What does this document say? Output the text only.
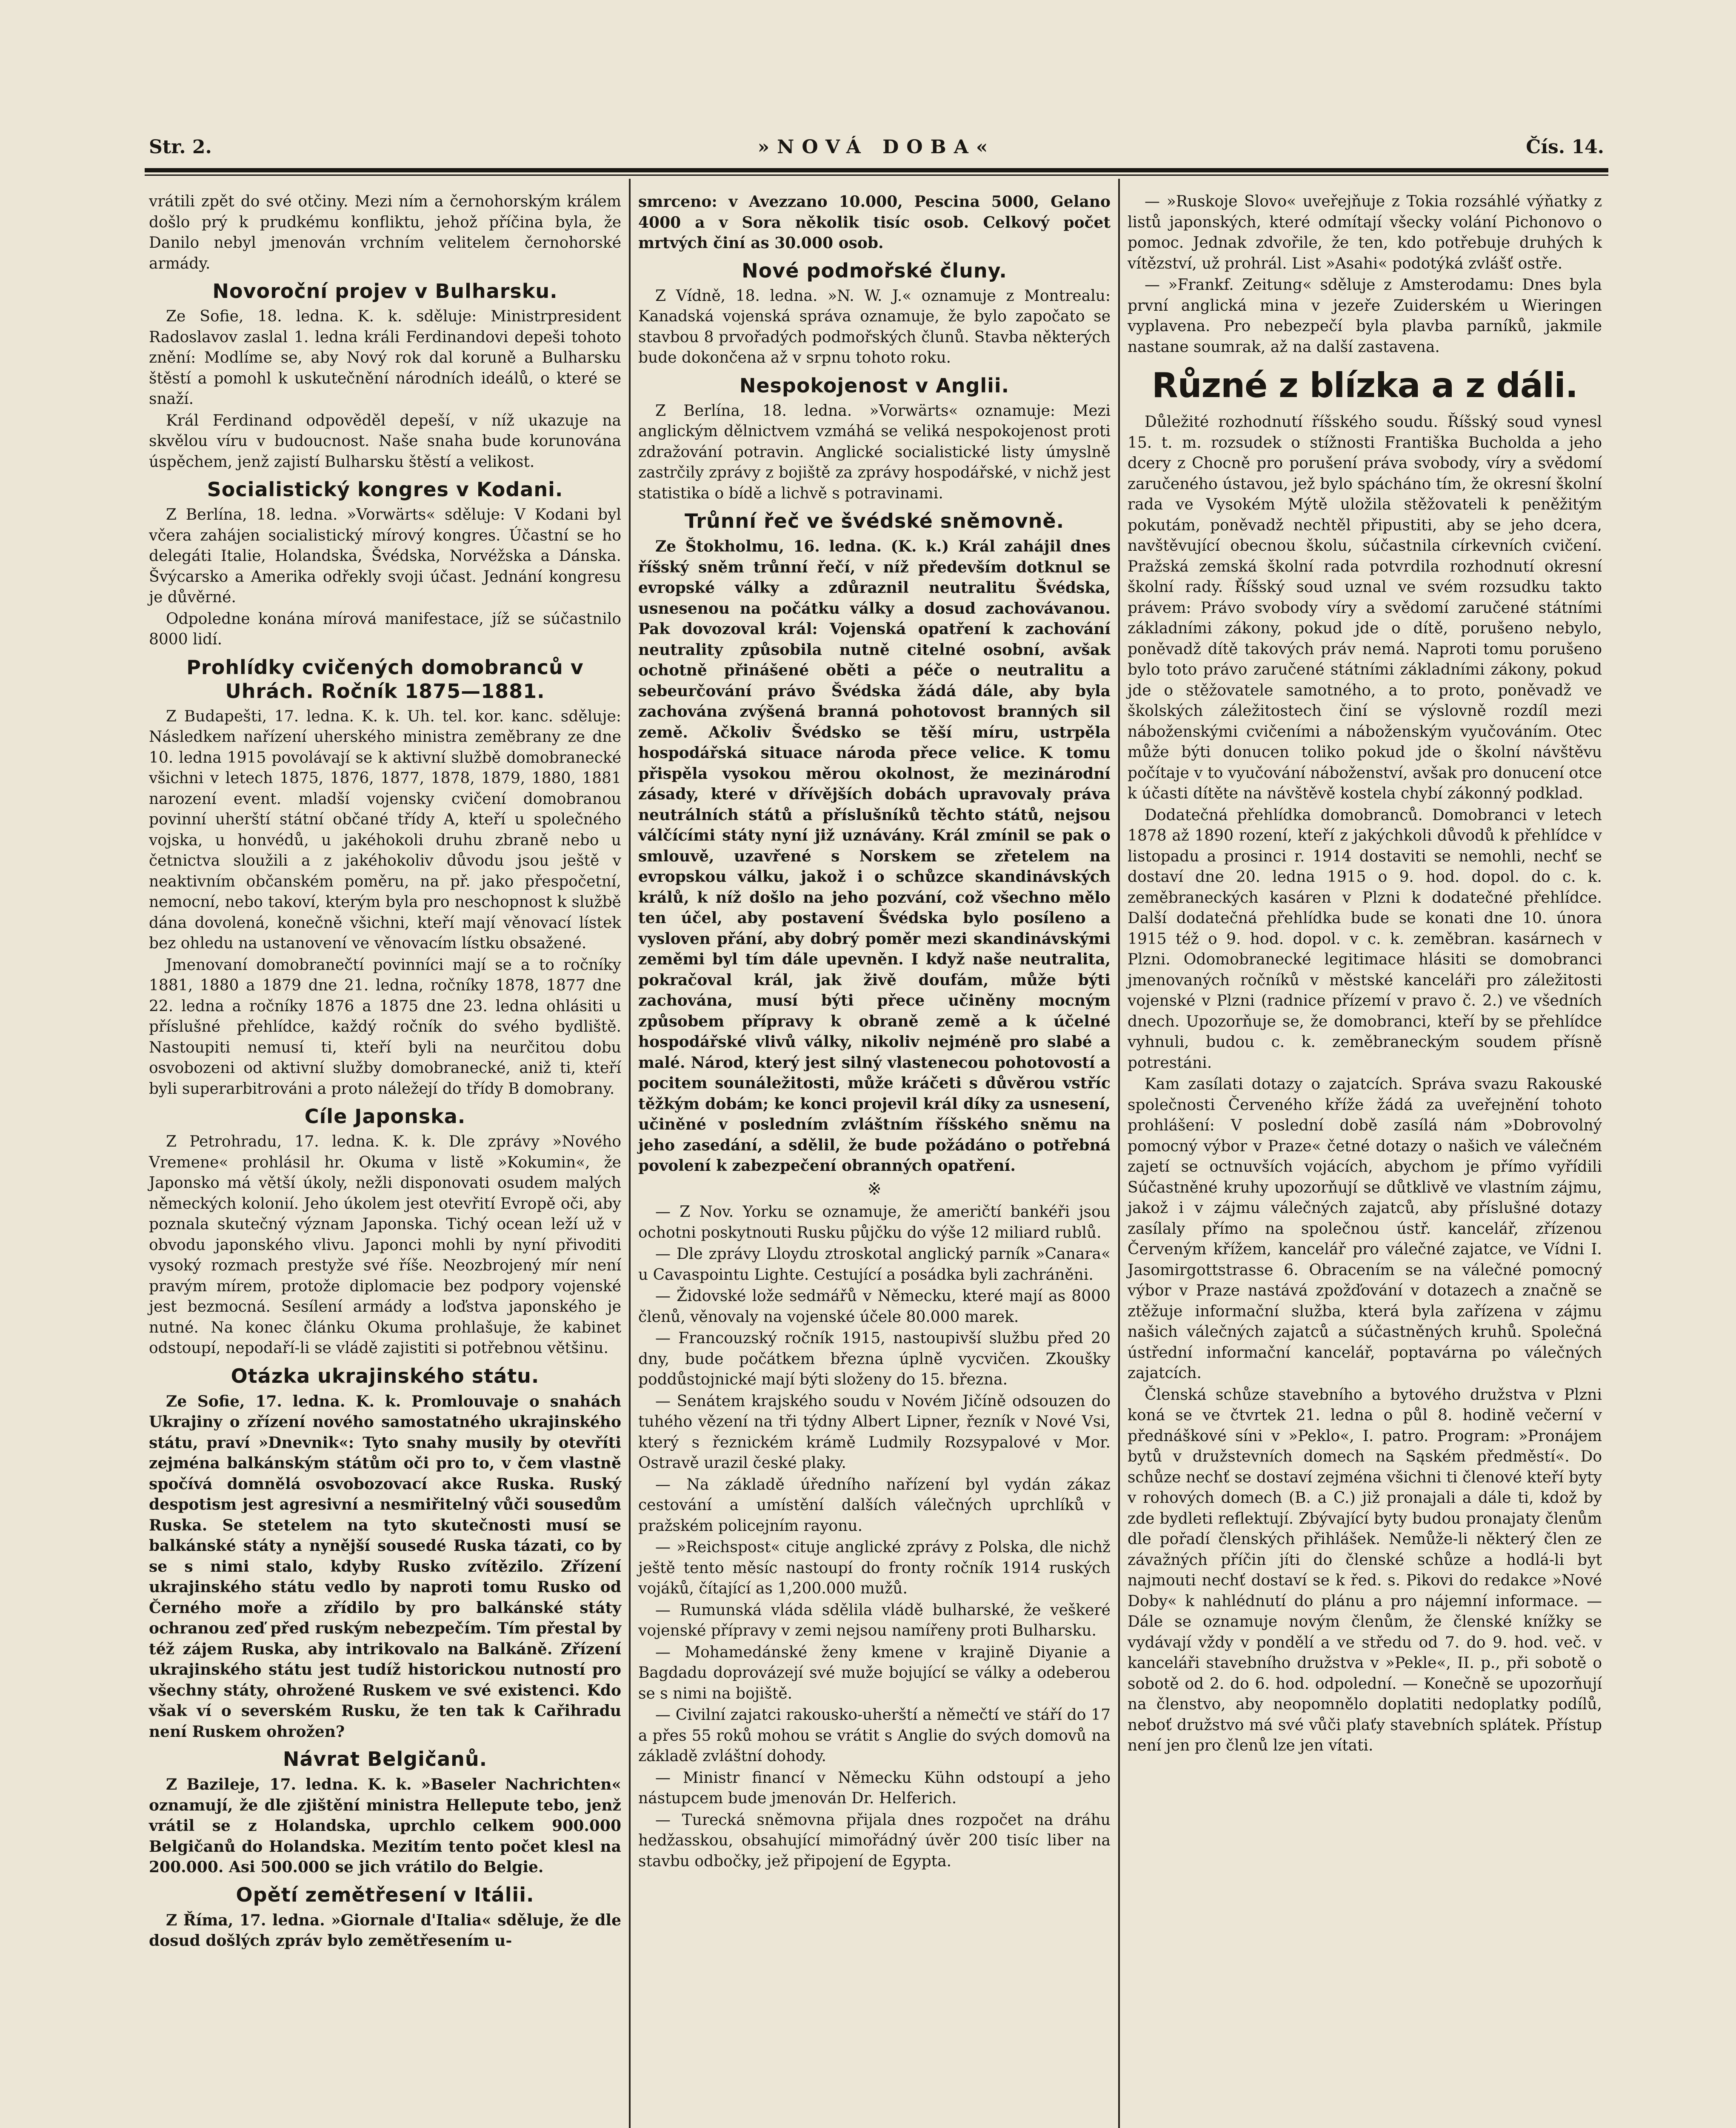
»NOVÁ DOBA«
Str. 2.	Čís. 14.

vrátili zpět do své otčiny. Mezi ním a černohorským králem došlo prý k prudkému konfliktu, jehož příčina byla, že Danilo nebyl jmenován vrchním velitelem černohorské armády.

Novoroční projev v Bulharsku.

Ze Sofie, 18. ledna. K. k. sděluje: Ministrpresident Radoslavov zaslal 1. ledna králi Ferdinandovi depeši tohoto znění: Modlíme se, aby Nový rok dal koruně a Bulharsku štěstí a pomohl k uskutečnění národních ideálů, o které se snaží.

Král Ferdinand odpověděl depeší, v níž ukazuje na skvělou víru v budoucnost. Naše snaha bude korunována úspěchem, jenž zajistí Bulharsku štěstí a velikost.

Socialistický kongres v Kodani.

Z Berlína, 18. ledna. »Vorwärts« sděluje: V Kodani byl včera zahájen socialistický mírový kongres. Účastní se ho delegáti Italie, Holandska, Švédska, Norvéžska a Dánska. Švýcarsko a Amerika odřekly svoji účast. Jednání kongresu je důvěrné.

Odpoledne konána mírová manifestace, jíž se súčastnilo 8000 lidí.

Prohlídky cvičených domobranců v Uhrách. Ročník 1875—1881.

Z Budapešti, 17. ledna. K. k. Uh. tel. kor. kanc. sděluje: Následkem nařízení uherského ministra zeměbrany ze dne 10. ledna 1915 povolávají se k aktivní službě domobranecké všichni v letech 1875, 1876, 1877, 1878, 1879, 1880, 1881 narození event. mladší vojensky cvičení domobranou povinní uherští státní občané třídy A, kteří u společného vojska, u honvédů, u jakéhokoli druhu zbraně nebo u četnictva sloužili a z jakéhokoliv důvodu jsou ještě v neaktivním občanském poměru, na př. jako přespočetní, nemocní, nebo takoví, kterým byla pro neschopnost k službě dána dovolená, konečně všichni, kteří mají věnovací lístek bez ohledu na ustanovení ve věnovacím lístku obsažené.

Jmenovaní domobranečtí povinníci mají se a to ročníky 1881, 1880 a 1879 dne 21. ledna, ročníky 1878, 1877 dne 22. ledna a ročníky 1876 a 1875 dne 23. ledna ohlásiti u příslušné přehlídce, každý ročník do svého bydliště. Nastoupiti nemusí ti, kteří byli na neurčitou dobu osvobozeni od aktivní služby domobranecké, aniž ti, kteří byli superarbitrováni a proto náležejí do třídy B domobrany.

Cíle Japonska.

Z Petrohradu, 17. ledna. K. k. Dle zprávy »Nového Vremene« prohlásil hr. Okuma v listě »Kokumin«, že Japonsko má větší úkoly, nežli disponovati osudem malých německých kolonií. Jeho úkolem jest otevřití Evropě oči, aby poznala skutečný význam Japonska. Tichý ocean leží už v obvodu japonského vlivu. Japonci mohli by nyní přivoditi vysoký rozmach prestyže své říše. Neozbrojený mír není pravým mírem, protože diplomacie bez podpory vojenské jest bezmocná. Sesílení armády a loďstva japonského je nutné. Na konec článku Okuma prohlašuje, že kabinet odstoupí, nepodaří-li se vládě zajistiti si potřebnou většinu.

Otázka ukrajinského státu.

Ze Sofie, 17. ledna. K. k. Promlouvaje o snahách Ukrajiny o zřízení nového samostatného ukrajinského státu, praví »Dnevnik«: Tyto snahy musily by otevříti zejména balkánským státům oči pro to, v čem vlastně spočívá domnělá osvobozovací akce Ruska. Ruský despotism jest agresivní a nesmiřitelný vůči sousedům Ruska. Se stetelem na tyto skutečnosti musí se balkánské státy a nynější sousedé Ruska tázati, co by se s nimi stalo, kdyby Rusko zvítězilo. Zřízení ukrajinského státu vedlo by naproti tomu Rusko od Černého moře a zřídilo by pro balkánské státy ochranou zeď před ruským nebezpečím. Tím přestal by též zájem Ruska, aby intrikovalo na Balkáně. Zřízení ukrajinského státu jest tudíž historickou nutností pro všechny státy, ohrožené Ruskem ve své existenci. Kdo však ví o severském Rusku, že ten tak k Cařihradu není Ruskem ohrožen?

Návrat Belgičanů.

Z Bazileje, 17. ledna. K. k. »Baseler Nachrichten« oznamují, že dle zjištění ministra Hellepute tebo, jenž vrátil se z Holandska, uprchlo celkem 900.000 Belgičanů do Holandska. Mezitím tento počet klesl na 200.000. Asi 500.000 se jich vrátilo do Belgie.

Opětí zemětřesení v Itálii.

Z Říma, 17. ledna. »Giornale d'Italia« sděluje, že dle dosud došlých zpráv bylo zemětřesením u-

smrceno: v Avezzano 10.000, Pescina 5000, Gelano 4000 a v Sora několik tisíc osob. Celkový počet mrtvých činí as 30.000 osob.

Nové podmořské čluny.

Z Vídně, 18. ledna. »N. W. J.« oznamuje z Montrealu: Kanadská vojenská správa oznamuje, že bylo započato se stavbou 8 prvořadých podmořských člunů. Stavba některých bude dokončena až v srpnu tohoto roku.

Nespokojenost v Anglii.

Z Berlína, 18. ledna. »Vorwärts« oznamuje: Mezi anglickým dělnictvem vzmáhá se veliká nespokojenost proti zdražování potravin. Anglické socialistické listy úmyslně zastrčily zprávy z bojiště za zprávy hospodářské, v nichž jest statistika o bídě a lichvě s potravinami.

Trůnní řeč ve švédské sněmovně.

Ze Štokholmu, 16. ledna. (K. k.) Král zahájil dnes říšský sněm trůnní řečí, v níž především dotknul se evropské války a zdůraznil neutralitu Švédska, usnesenou na počátku války a dosud zachovávanou. Pak dovozoval král: Vojenská opatření k zachování neutrality způsobila nutně citelné osobní, avšak ochotně přinášené oběti a péče o neutralitu a sebeurčování právo Švédska žádá dále, aby byla zachována zvýšená branná pohotovost branných sil země. Ačkoliv Švédsko se těší míru, ustrpěla hospodářská situace národa přece velice. K tomu přispěla vysokou měrou okolnost, že mezinárodní zásady, které v dřívějších dobách upravovaly práva neutrálních států a příslušníků těchto států, nejsou válčícími státy nyní již uznávány. Král zmínil se pak o smlouvě, uzavřené s Norskem se zřetelem na evropskou válku, jakož i o schůzce skandinávských králů, k níž došlo na jeho pozvání, což všechno mělo ten účel, aby postavení Švédska bylo posíleno a vysloven přání, aby dobrý poměr mezi skandinávskými zeměmi byl tím dále upevněn. I když naše neutralita, pokračoval král, jak živě doufám, může býti zachována, musí býti přece učiněny mocným způsobem přípravy k obraně země a k účelné hospodářské vlivů války, nikoliv nejméně pro slabé a malé. Národ, který jest silný vlastenecou pohotovostí a pocitem sounáležitosti, může kráčeti s důvěrou vstříc těžkým dobám; ke konci projevil král díky za usnesení, učiněné v posledním zvláštním říšského sněmu na jeho zasedání, a sdělil, že bude požádáno o potřebná povolení k zabezpečení obranných opatření.

※

— Z Nov. Yorku se oznamuje, že američtí bankéři jsou ochotni poskytnouti Rusku půjčku do výše 12 miliard rublů.

— Dle zprávy Lloydu ztroskotal anglický parník »Canara« u Cavaspointu Lighte. Cestující a posádka byli zachráněni.

— Židovské lože sedmářů v Německu, které mají as 8000 členů, věnovaly na vojenské účele 80.000 marek.

— Francouzský ročník 1915, nastoupivší službu před 20 dny, bude počátkem března úplně vycvičen. Zkoušky poddůstojnické mají býti složeny do 15. března.

— Senátem krajského soudu v Novém Jičíně odsouzen do tuhého vězení na tři týdny Albert Lipner, řezník v Nové Vsi, který s řeznickém krámě Ludmily Rozsypalové v Mor. Ostravě urazil české plaky.

— Na základě úředního nařízení byl vydán zákaz cestování a umístění dalších válečných uprchlíků v pražském policejním rayonu.

— »Reichspost« cituje anglické zprávy z Polska, dle nichž ještě tento měsíc nastoupí do fronty ročník 1914 ruských vojáků, čítající as 1,200.000 mužů.

— Rumunská vláda sdělila vládě bulharské, že veškeré vojenské přípravy v zemi nejsou namířeny proti Bulharsku.

— Mohamedánské ženy kmene v krajině Diyanie a Bagdadu doprovázejí své muže bojující se války a odeberou se s nimi na bojiště.

— Civilní zajatci rakousko-uherští a němečtí ve stáří do 17 a přes 55 roků mohou se vrátit s Anglie do svých domovů na základě zvláštní dohody.

— Ministr financí v Německu Kühn odstoupí a jeho nástupcem bude jmenován Dr. Helferich.

— Turecká sněmovna přijala dnes rozpočet na dráhu hedžasskou, obsahující mimořádný úvěr 200 tisíc liber na stavbu odbočky, jež připojení de Egypta.

— »Ruskoje Slovo« uveřejňuje z Tokia rozsáhlé výňatky z listů japonských, které odmítají všecky volání Pichonovo o pomoc. Jednak zdvořile, že ten, kdo potřebuje druhých k vítězství, už prohrál. List »Asahi« podotýká zvlášť ostře.

— »Frankf. Zeitung« sděluje z Amsterodamu: Dnes byla první anglická mina v jezeře Zuiderském u Wieringen vyplavena. Pro nebezpečí byla plavba parníků, jakmile nastane soumrak, až na další zastavena.

Různé z blízka a z dáli.

Důležité rozhodnutí říšského soudu. Říšský soud vynesl 15. t. m. rozsudek o stížnosti Františka Bucholda a jeho dcery z Chocně pro porušení práva svobody, víry a svědomí zaručeného ústavou, jež bylo spácháno tím, že okresní školní rada ve Vysokém Mýtě uložila stěžovateli k peněžitým pokutám, poněvadž nechtěl připustiti, aby se jeho dcera, navštěvující obecnou školu, súčastnila církevních cvičení. Pražská zemská školní rada potvrdila rozhodnutí okresní školní rady. Říšský soud uznal ve svém rozsudku takto právem: Právo svobody víry a svědomí zaručené státními základními zákony, pokud jde o dítě, porušeno nebylo, poněvadž dítě takových práv nemá. Naproti tomu porušeno bylo toto právo zaručené státními základními zákony, pokud jde o stěžovatele samotného, a to proto, poněvadž ve školských záležitostech činí se výslovně rozdíl mezi náboženskými cvičeními a náboženským vyučováním. Otec může býti donucen toliko pokud jde o školní návštěvu počítaje v to vyučování náboženství, avšak pro donucení otce k účasti dítěte na návštěvě kostela chybí zákonný podklad.

Dodatečná přehlídka domobranců. Domobranci v letech 1878 až 1890 rození, kteří z jakýchkoli důvodů k přehlídce v listopadu a prosinci r. 1914 dostaviti se nemohli, nechť se dostaví dne 20. ledna 1915 o 9. hod. dopol. do c. k. zeměbraneckých kasáren v Plzni k dodatečné přehlídce. Další dodatečná přehlídka bude se konati dne 10. února 1915 též o 9. hod. dopol. v c. k. zeměbran. kasárnech v Plzni. Odomobranecké legitimace hlásiti se domobranci jmenovaných ročníků v městské kanceláři pro záležitosti vojenské v Plzni (radnice přízemí v pravo č. 2.) ve všedních dnech. Upozorňuje se, že domobranci, kteří by se přehlídce vyhnuli, budou c. k. zeměbraneckým soudem přísně potrestáni.

Kam zasílati dotazy o zajatcích. Správa svazu Rakouské společnosti Červeného kříže žádá za uveřejnění tohoto prohlášení: V poslední době zasílá nám »Dobrovolný pomocný výbor v Praze« četné dotazy o našich ve válečném zajetí se octnuvších vojácích, abychom je přímo vyřídili Súčastněné kruhy upozorňují se důtklivě ve vlastním zájmu, jakož i v zájmu válečných zajatců, aby příslušné dotazy zasílaly přímo na společnou ústř. kancelář, zřízenou Červeným křížem, kancelář pro válečné zajatce, ve Vídni I. Jasomirgottstrasse 6. Obracením se na válečné pomocný výbor v Praze nastává zpožďování v dotazech a značně se ztěžuje informační služba, která byla zařízena v zájmu našich válečných zajatců a súčastněných kruhů. Společná ústřední informační kancelář, poptavárna po válečných zajatcích.

Členská schůze stavebního a bytového družstva v Plzni koná se ve čtvrtek 21. ledna o půl 8. hodině večerní v přednáškové síni v »Peklo«, I. patro. Program: »Pronájem bytů v družstevních domech na Sąském předměstí«. Do schůze nechť se dostaví zejména všichni ti členové kteří byty v rohových domech (B. a C.) již pronajali a dále ti, kdož by zde bydleti reflektují. Zbývající byty budou pronajaty členům dle pořadí členských přihlášek. Nemůže-li některý člen ze závažných příčin jíti do členské schůze a hodlá-li byt najmouti nechť dostaví se k řed. s. Pikovi do redakce »Nové Doby« k nahlédnutí do plánu a pro nájemní informace. — Dále se oznamuje novým členům, že členské knížky se vydávají vždy v pondělí a ve středu od 7. do 9. hod. več. v kanceláři stavebního družstva v »Pekle«, II. p., při sobotě o sobotě od 2. do 6. hod. odpolední. — Konečně se upozorňují na členstvo, aby neopomnělo doplatiti nedoplatky podílů, neboť družstvo má své vůči plaťy stavebních splátek. Přístup není jen pro členů lze jen vítati.
